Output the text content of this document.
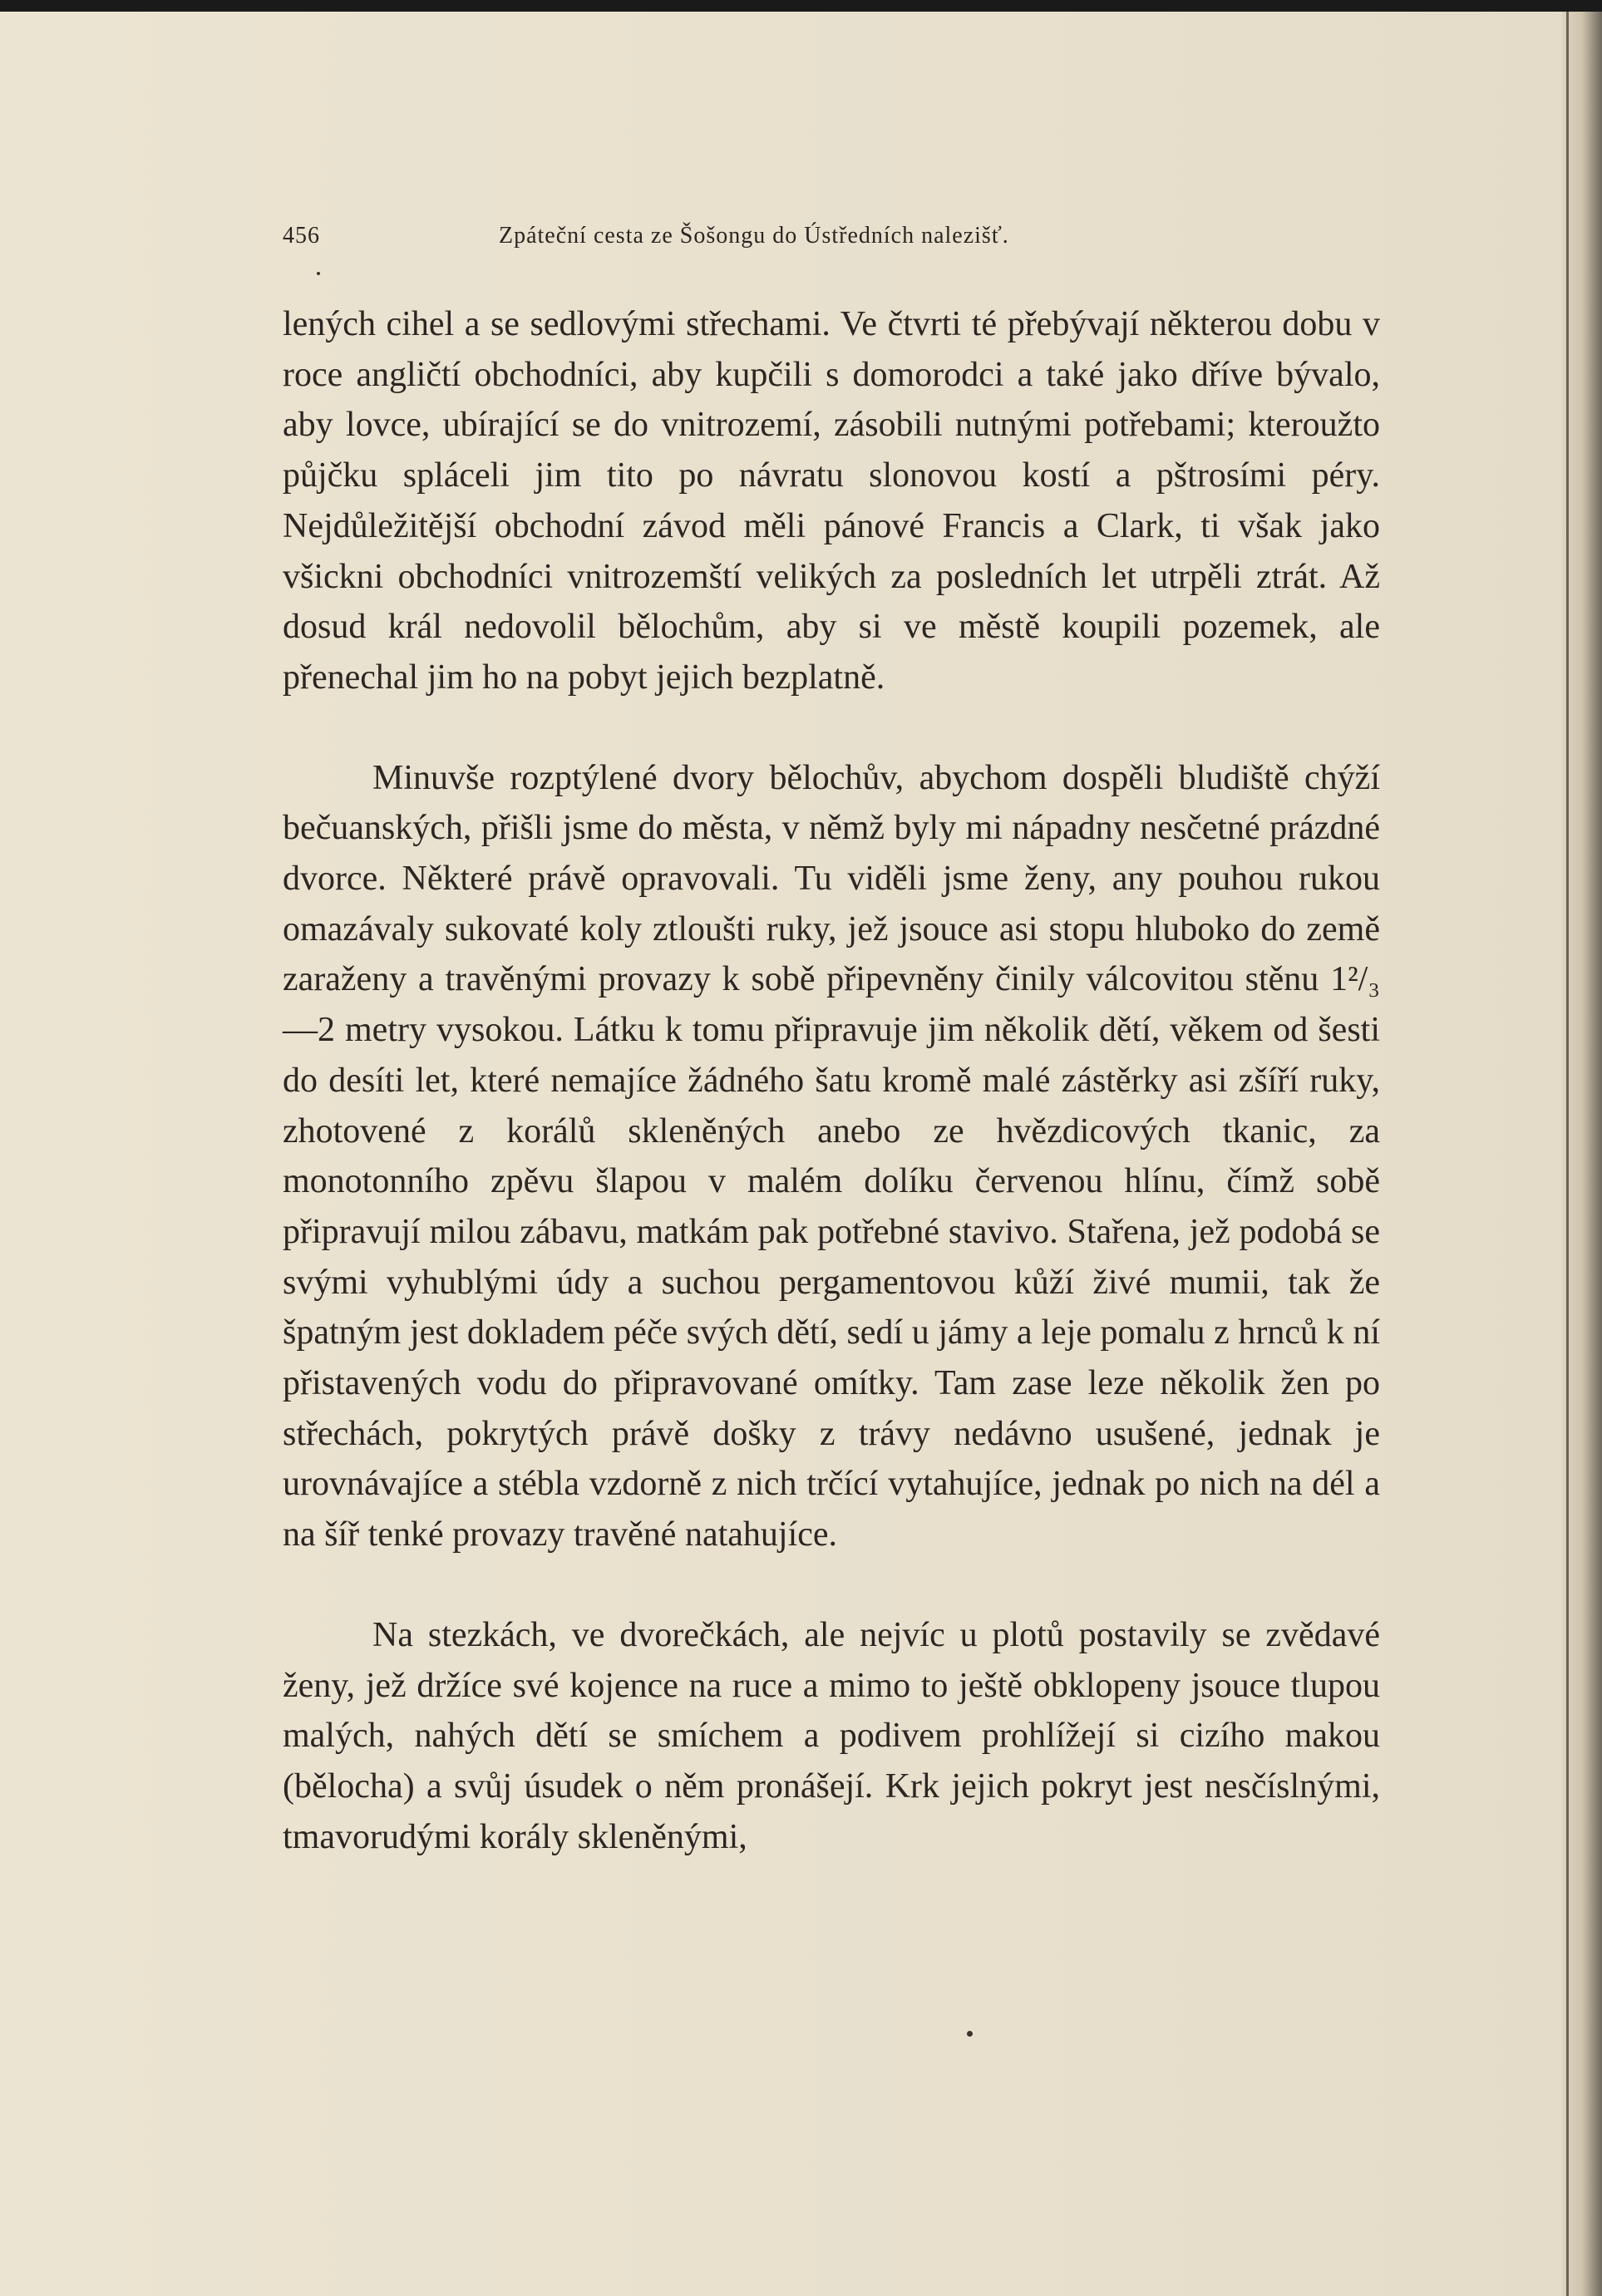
456	Zpáteční cesta ze Šošongu do Ústředních nalezišť.

lených cihel a se sedlovými střechami. Ve čtvrti té přebývají některou dobu v roce angličtí obchodníci, aby kupčili s domorodci a také jako dříve bývalo, aby lovce, ubírající se do vnitrozemí, zásobili nutnými potřebami; kteroužto půjčku spláceli jim tito po návratu slonovou kostí a pštrosími péry. Nejdůležitější obchodní závod měli pánové Francis a Clark, ti však jako všickni obchodníci vnitrozemští velikých za posledních let utrpěli ztrát. Až dosud král nedovolil bělochům, aby si ve městě koupili pozemek, ale přenechal jim ho na pobyt jejich bezplatně.

Minuvše rozptýlené dvory bělochův, abychom dospěli bludiště chýží bečuanských, přišli jsme do města, v němž byly mi nápadny nesčetné prázdné dvorce. Některé právě opravovali. Tu viděli jsme ženy, any pouhou rukou omazávaly sukovaté koly ztloušti ruky, jež jsouce asi stopu hluboko do země zaraženy a travěnými provazy k sobě připevněny činily válcovitou stěnu 1²/₃—2 metry vysokou. Látku k tomu připravuje jim několik dětí, věkem od šesti do desíti let, které nemajíce žádného šatu kromě malé zástěrky asi zšíří ruky, zhotovené z korálů skleněných anebo ze hvězdicových tkanic, za monotonního zpěvu šlapou v malém dolíku červenou hlínu, čímž sobě připravují milou zábavu, matkám pak potřebné stavivo. Stařena, jež podobá se svými vyhublými údy a suchou pergamentovou kůží živé mumii, tak že špatným jest dokladem péče svých dětí, sedí u jámy a leje pomalu z hrnců k ní přistavených vodu do připravované omítky. Tam zase leze několik žen po střechách, pokrytých právě došky z trávy nedávno usušené, jednak je urovnávajíce a stébla vzdorně z nich trčící vytahujíce, jednak po nich na dél a na šíř tenké provazy travěné natahujíce.

Na stezkách, ve dvorečkách, ale nejvíc u plotů postavily se zvědavé ženy, jež držíce své kojence na ruce a mimo to ještě obklopeny jsouce tlupou malých, nahých dětí se smíchem a podivem prohlížejí si cizího makou (bělocha) a svůj úsudek o něm pronášejí. Krk jejich pokryt jest nesčíslnými, tmavorudými korály skleněnými,
